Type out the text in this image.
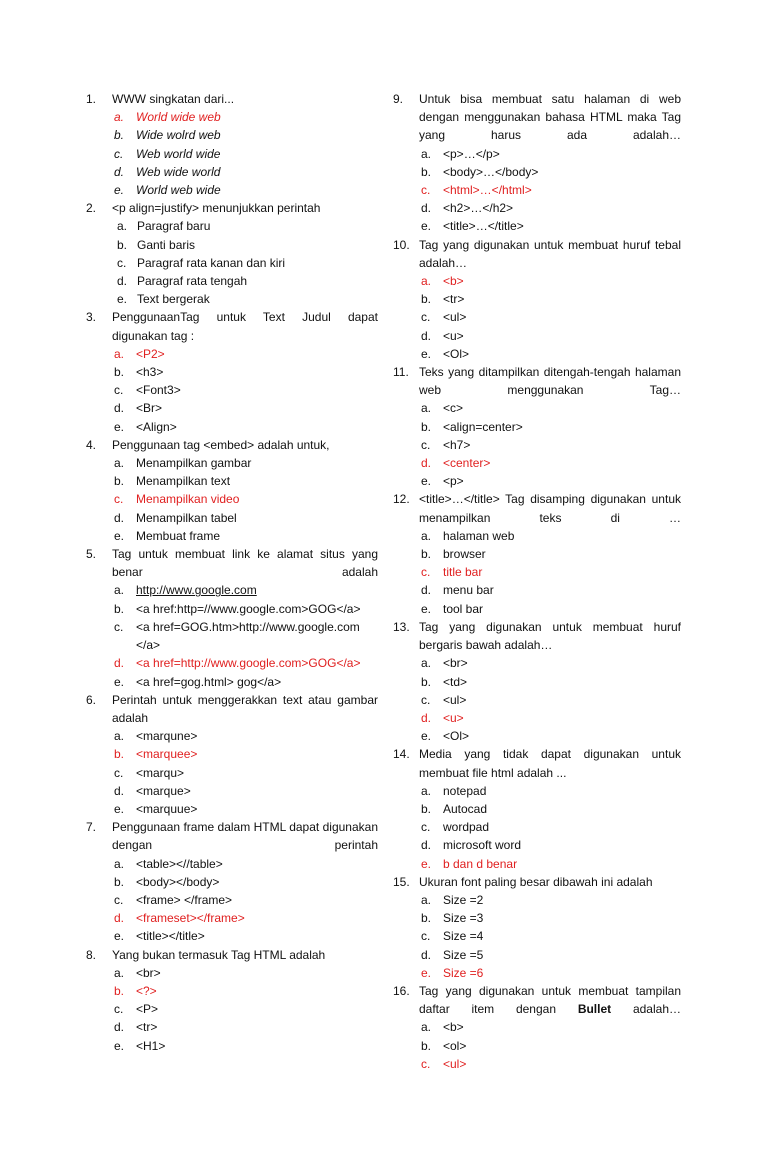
1.	WWW singkatan dari...
a. World wide web
b. Wide wolrd web
c.	Web world wide
d. Web wide world
e. World web wide
2.	<p align=justify> menunjukkan perintah
a. Paragraf baru
b. Ganti baris
c. Paragraf rata kanan dan kiri
d. Paragraf rata tengah
e. Text bergerak
3.	PenggunaanTag untuk Text Judul dapat digunakan tag :
a. <P2>
b. <h3>
c.	<Font3>
d. <Br>
e. <Align>
4.	Penggunaan tag <embed> adalah untuk,
a. Menampilkan gambar
b. Menampilkan text
c.	Menampilkan video
d. Menampilkan tabel
e. Membuat frame
5.	Tag untuk membuat link ke alamat situs yang benar adalah
a. http://www.google.com
b. <a href:http=//www.google.com>GOG</a>
c.	<a href=GOG.htm>http://www.google.com </a>
d. <a href=http://www.google.com>GOG</a>
e. <a href=gog.html> gog</a>
6.	Perintah untuk menggerakkan text atau gambar adalah
a. <marqune>
b. <marquee>
c.	<marqu>
d. <marque>
e. <marquue>
7.	Penggunaan frame dalam HTML dapat digunakan dengan perintah
a. <table><//table>
b. <body></body>
c.	<frame> </frame>
d. <frameset></frame>
e. <title></title>
8.	Yang bukan termasuk Tag HTML adalah
a. <br>
b. <?>
c.	<P>
d. <tr>
e. <H1>
9.	Untuk bisa membuat satu halaman di web dengan menggunakan bahasa HTML maka Tag yang harus ada adalah…
a. <p>…</p>
b. <body>…</body>
c.	<html>…</html>
d. <h2>…</h2>
e. <title>…</title>
10. Tag yang digunakan untuk membuat huruf tebal adalah…
a. <b>
b. <tr>
c.	<ul>
d. <u>
e. <Ol>
11. Teks yang ditampilkan ditengah-tengah halaman web menggunakan Tag…
a. <c>
b. <align=center>
c.	<h7>
d. <center>
e. <p>
12. <title>…</title> Tag disamping digunakan untuk menampilkan teks di …
a. halaman web
b. browser
c.	title bar
d. menu bar
e. tool bar
13. Tag yang digunakan untuk membuat huruf bergaris bawah adalah…
a. <br>
b. <td>
c.	<ul>
d. <u>
e. <Ol>
14. Media yang tidak dapat digunakan untuk membuat file html adalah ...
a. notepad
b. Autocad
c.	wordpad
d. microsoft word
e. b dan d benar
15. Ukuran font paling besar dibawah ini adalah
a. Size =2
b. Size =3
c.	Size =4
d. Size =5
e. Size =6
16. Tag yang digunakan untuk membuat tampilan daftar item dengan Bullet adalah…
a. <b>
b. <ol>
c.	<ul>
